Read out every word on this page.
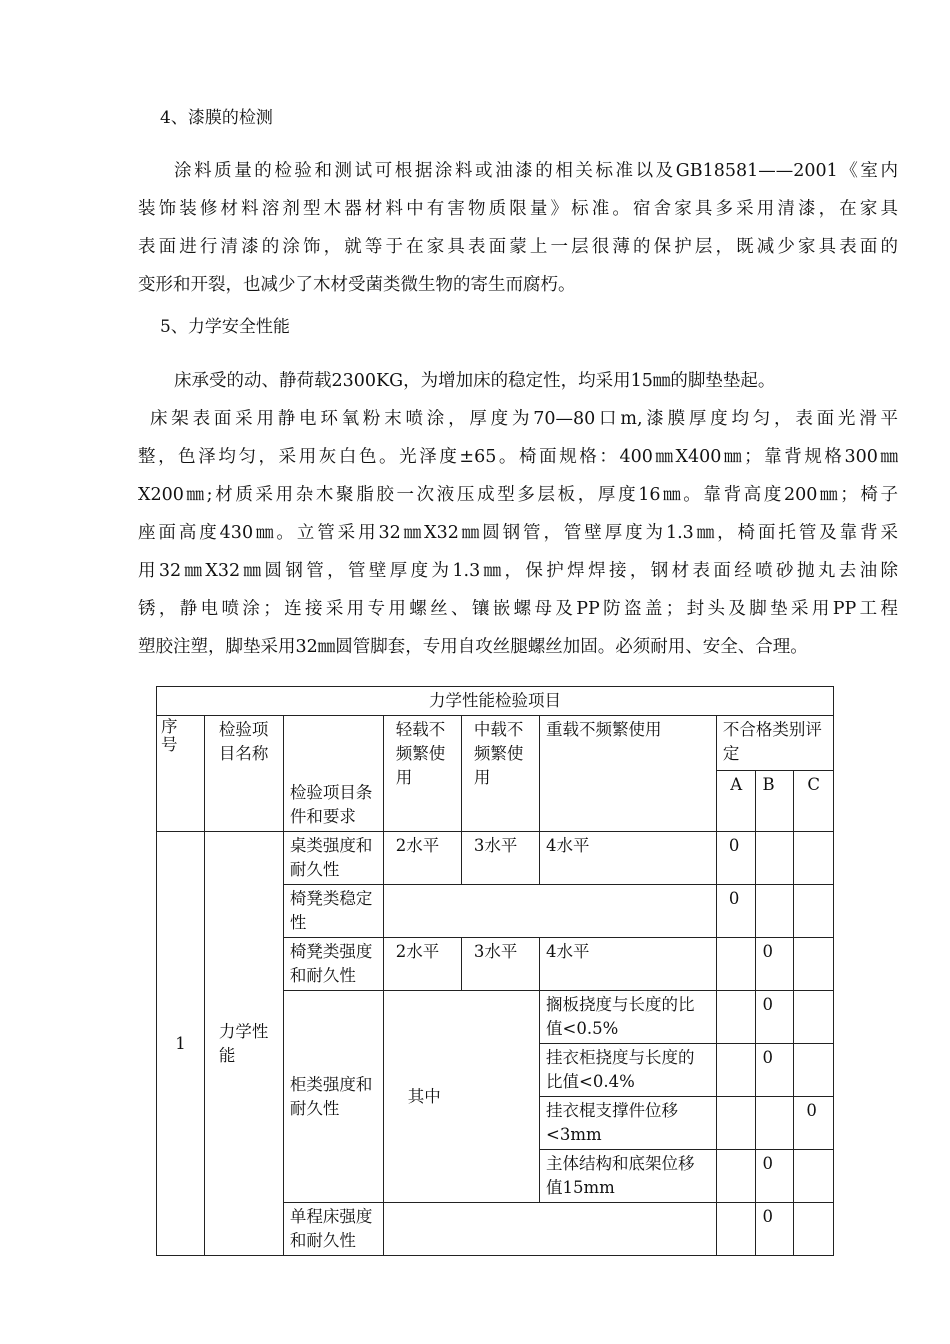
4、漆膜的检测
涂料质量的检验和测试可根据涂料或油漆的相关标准以及GB18581——2001《室内
装饰装修材料溶剂型木器材料中有害物质限量》标准。宿舍家具多采用清漆，在家具
表面进行清漆的涂饰，就等于在家具表面蒙上一层很薄的保护层，既减少家具表面的
变形和开裂，也减少了木材受菌类微生物的寄生而腐朽。
5、力学安全性能
床承受的动、静荷载2300KG，为增加床的稳定性，均采用15㎜的脚垫垫起。
床架表面采用静电环氧粉末喷涂，厚度为70—80口m,漆膜厚度均匀，表面光滑平
整，色泽均匀，采用灰白色。光泽度±65。椅面规格：400㎜X400㎜；靠背规格300㎜
X200㎜;材质采用杂木聚脂胶一次液压成型多层板，厚度16㎜。靠背高度200㎜；椅子
座面高度430㎜。立管采用32㎜X32㎜圆钢管，管壁厚度为1.3㎜，椅面托管及靠背采
用32㎜X32㎜圆钢管，管壁厚度为1.3㎜，保护焊焊接，钢材表面经喷砂抛丸去油除
锈，静电喷涂；连接采用专用螺丝、镶嵌螺母及PP防盗盖；封头及脚垫采用PP工程
塑胶注塑，脚垫采用32㎜圆管脚套，专用自攻丝腿螺丝加固。必须耐用、安全、合理。
力学性能检验项目								
序号	检验项目名称	检验项目条件和要求	轻载不频繁使用	中载不频繁使用	重载不频繁使用	不合格类别评定		
						A	B	C
1	力学性能	桌类强度和耐久性	2水平	3水平	4水平	0		
		椅凳类稳定性				0		
		椅凳类强度和耐久性	2水平	3水平	4水平		0	
		柜类强度和耐久性	其中		搁板挠度与长度的比值<0.5%		0	
					挂衣柜挠度与长度的比值<0.4%		0	
					挂衣棍支撑件位移<3mm			0
					主体结构和底架位移值15mm		0	
		单程床强度和耐久性					0	
